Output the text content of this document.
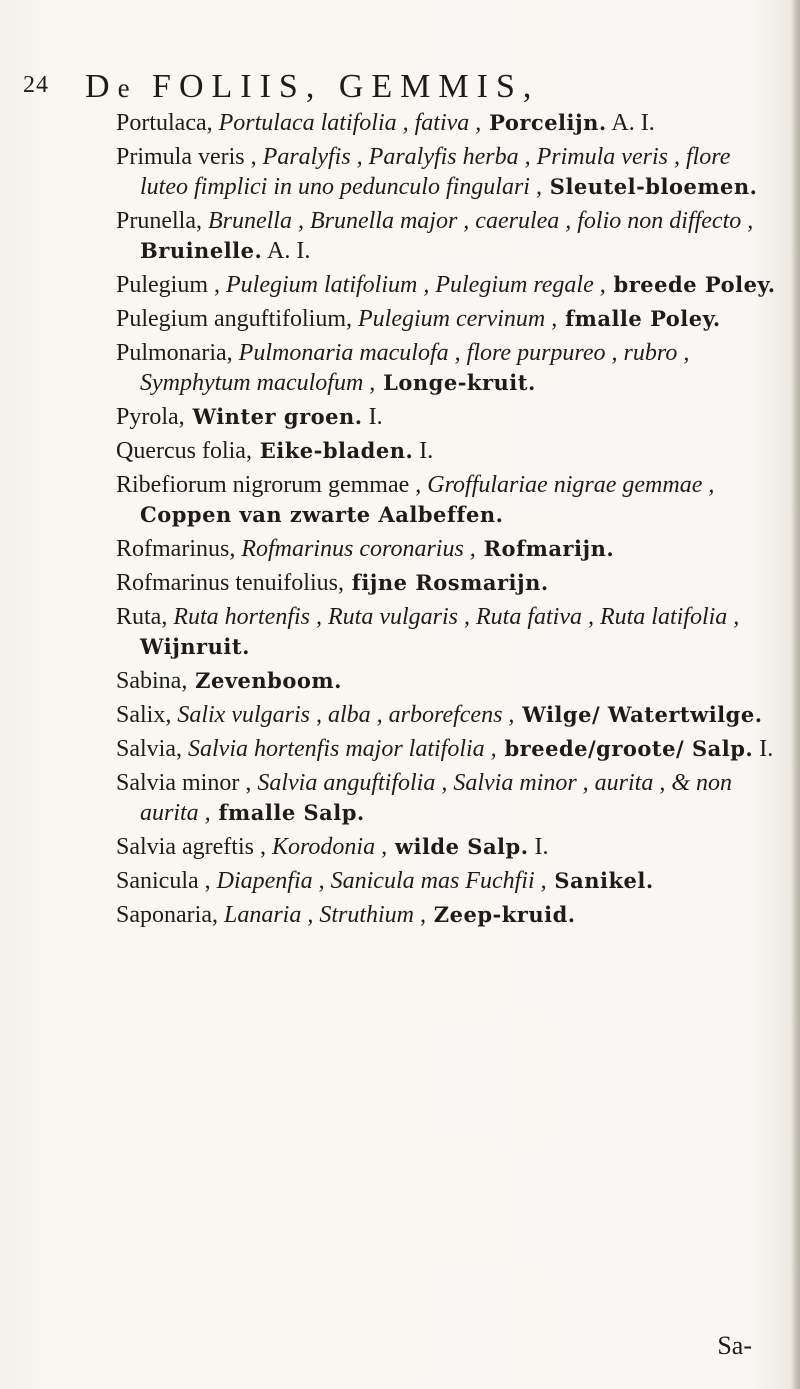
24 De FOLIIS, GEMMIS,

Portulaca, Portulaca latifolia , fativa , Porcelijn. A. I.

Primula veris , Paralyfis , Paralyfis herba , Primula veris , flore luteo fimplici in uno pedunculo fingulari , Sleutel-bloemen.

Prunella, Brunella , Brunella major , caerulea , folio non diffecto , Bruinelle. A. I.

Pulegium , Pulegium latifolium , Pulegium regale , breede Poley.

Pulegium anguftifolium, Pulegium cervinum , fmalle Poley.

Pulmonaria, Pulmonaria maculofa , flore purpureo , rubro , Symphytum maculofum , Longe-kruit.

Pyrola, Winter groen. I.

Quercus folia, Eike-bladen. I.

Ribefiorum nigrorum gemmae , Groffulariae nigrae gemmae , Coppen van zwarte Aalbeffen.

Rofmarinus, Rofmarinus coronarius , Rofmarijn.

Rofmarinus tenuifolius, fijne Rosmarijn.

Ruta, Ruta hortenfis , Ruta vulgaris , Ruta fativa , Ruta latifolia , Wijnruit.

Sabina, Zevenboom.

Salix, Salix vulgaris , alba , arborefcens , Wilge/ Watertwilge.

Salvia, Salvia hortenfis major latifolia , breede/groote/ Salp. I.

Salvia minor , Salvia anguftifolia , Salvia minor , aurita , & non aurita , fmalle Salp.

Salvia agreftis , Korodonia , wilde Salp. I.

Sanicula , Diapenfia , Sanicula mas Fuchfii , Sanikel.

Saponaria, Lanaria , Struthium , Zeep-kruid.

Sa-
